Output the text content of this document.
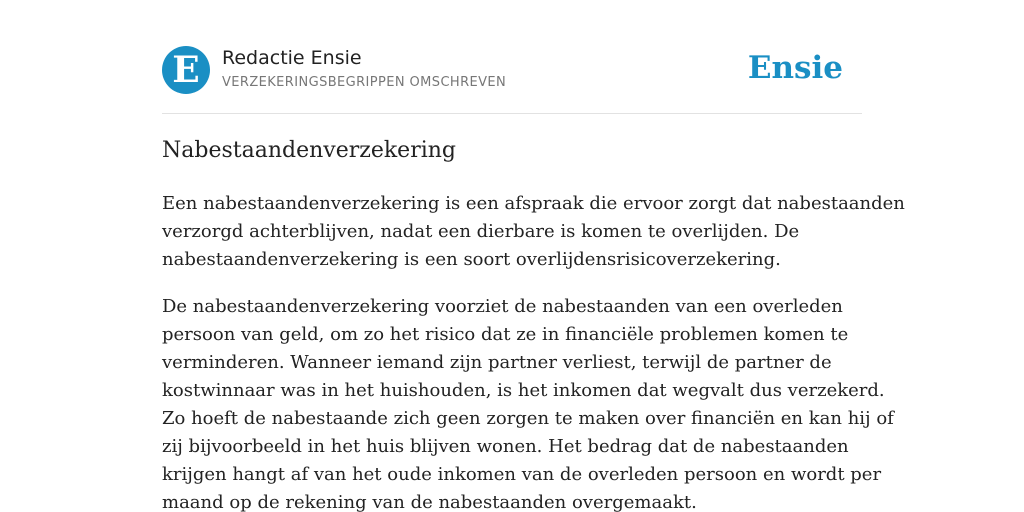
E	Redactie Ensie
VERZEKERINGSBEGRIPPEN OMSCHREVEN	Ensie
Nabestaandenverzekering

Een nabestaandenverzekering is een afspraak die ervoor zorgt dat nabestaanden
verzorgd achterblijven, nadat een dierbare is komen te overlijden. De
nabestaandenverzekering is een soort overlijdensrisicoverzekering.

De nabestaandenverzekering voorziet de nabestaanden van een overleden
persoon van geld, om zo het risico dat ze in financiële problemen komen te
verminderen. Wanneer iemand zijn partner verliest, terwijl de partner de
kostwinnaar was in het huishouden, is het inkomen dat wegvalt dus verzekerd.
Zo hoeft de nabestaande zich geen zorgen te maken over financiën en kan hij of
zij bijvoorbeeld in het huis blijven wonen. Het bedrag dat de nabestaanden
krijgen hangt af van het oude inkomen van de overleden persoon en wordt per
maand op de rekening van de nabestaanden overgemaakt.
